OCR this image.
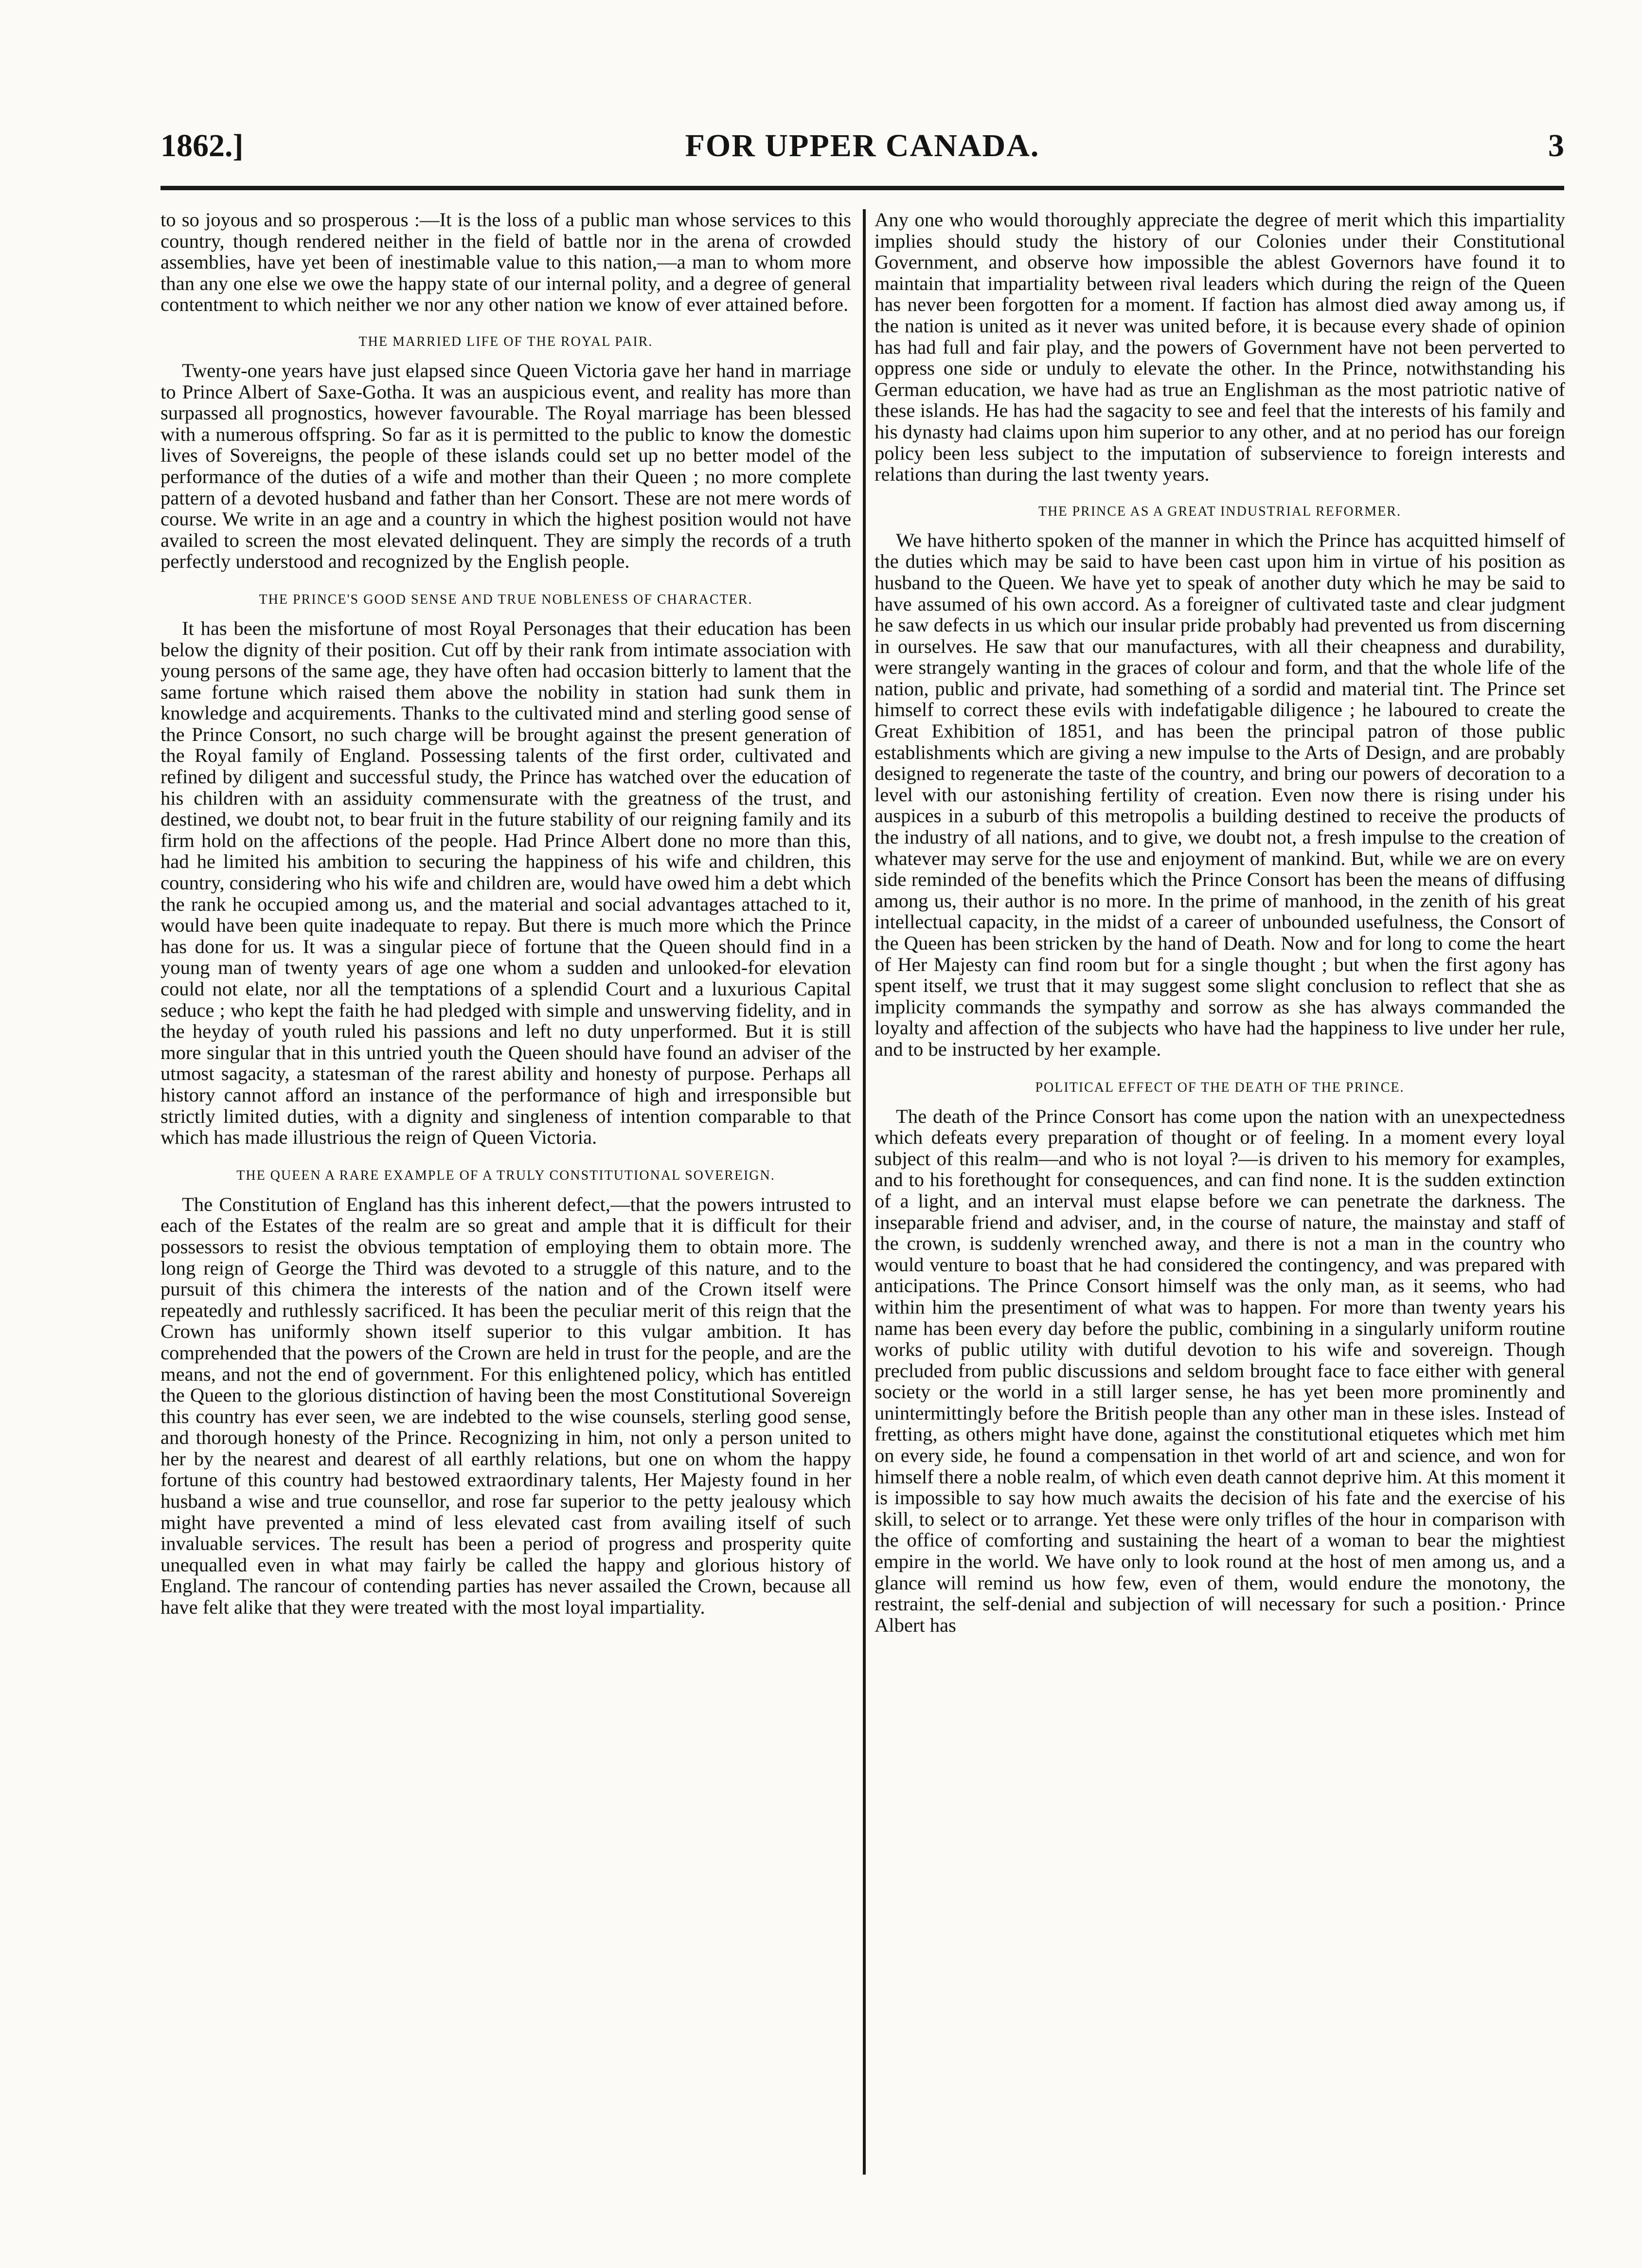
1862.]	FOR UPPER CANADA.	3

to so joyous and so prosperous :—It is the loss of a public man whose services to this country, though rendered neither in the field of battle nor in the arena of crowded assemblies, have yet been of inestimable value to this nation,—a man to whom more than any one else we owe the happy state of our internal polity, and a degree of general contentment to which neither we nor any other nation we know of ever attained before.

THE MARRIED LIFE OF THE ROYAL PAIR.

Twenty-one years have just elapsed since Queen Victoria gave her hand in marriage to Prince Albert of Saxe-Gotha. It was an auspicious event, and reality has more than surpassed all prognostics, however favourable. The Royal marriage has been blessed with a numerous offspring. So far as it is permitted to the public to know the domestic lives of Sovereigns, the people of these islands could set up no better model of the performance of the duties of a wife and mother than their Queen ; no more complete pattern of a devoted husband and father than her Consort. These are not mere words of course. We write in an age and a country in which the highest position would not have availed to screen the most elevated delinquent. They are simply the records of a truth perfectly understood and recognized by the English people.

THE PRINCE'S GOOD SENSE AND TRUE NOBLENESS OF CHARACTER.

It has been the misfortune of most Royal Personages that their education has been below the dignity of their position. Cut off by their rank from intimate association with young persons of the same age, they have often had occasion bitterly to lament that the same fortune which raised them above the nobility in station had sunk them in knowledge and acquirements. Thanks to the cultivated mind and sterling good sense of the Prince Consort, no such charge will be brought against the present generation of the Royal family of England. Possessing talents of the first order, cultivated and refined by diligent and successful study, the Prince has watched over the education of his children with an assiduity commensurate with the greatness of the trust, and destined, we doubt not, to bear fruit in the future stability of our reigning family and its firm hold on the affections of the people. Had Prince Albert done no more than this, had he limited his ambition to securing the happiness of his wife and children, this country, considering who his wife and children are, would have owed him a debt which the rank he occupied among us, and the material and social advantages attached to it, would have been quite inadequate to repay. But there is much more which the Prince has done for us. It was a singular piece of fortune that the Queen should find in a young man of twenty years of age one whom a sudden and unlooked-for elevation could not elate, nor all the temptations of a splendid Court and a luxurious Capital seduce ; who kept the faith he had pledged with simple and unswerving fidelity, and in the heyday of youth ruled his passions and left no duty unperformed. But it is still more singular that in this untried youth the Queen should have found an adviser of the utmost sagacity, a statesman of the rarest ability and honesty of purpose. Perhaps all history cannot afford an instance of the performance of high and irresponsible but strictly limited duties, with a dignity and singleness of intention comparable to that which has made illustrious the reign of Queen Victoria.

THE QUEEN A RARE EXAMPLE OF A TRULY CONSTITUTIONAL SOVEREIGN.

The Constitution of England has this inherent defect,—that the powers intrusted to each of the Estates of the realm are so great and ample that it is difficult for their possessors to resist the obvious temptation of employing them to obtain more. The long reign of George the Third was devoted to a struggle of this nature, and to the pursuit of this chimera the interests of the nation and of the Crown itself were repeatedly and ruthlessly sacrificed. It has been the peculiar merit of this reign that the Crown has uniformly shown itself superior to this vulgar ambition. It has comprehended that the powers of the Crown are held in trust for the people, and are the means, and not the end of government. For this enlightened policy, which has entitled the Queen to the glorious distinction of having been the most Constitutional Sovereign this country has ever seen, we are indebted to the wise counsels, sterling good sense, and thorough honesty of the Prince. Recognizing in him, not only a person united to her by the nearest and dearest of all earthly relations, but one on whom the happy fortune of this country had bestowed extraordinary talents, Her Majesty found in her husband a wise and true counsellor, and rose far superior to the petty jealousy which might have prevented a mind of less elevated cast from availing itself of such invaluable services. The result has been a period of progress and prosperity quite unequalled even in what may fairly be called the happy and glorious history of England. The rancour of contending parties has never assailed the Crown, because all have felt alike that they were treated with the most loyal impartiality.

Any one who would thoroughly appreciate the degree of merit which this impartiality implies should study the history of our Colonies under their Constitutional Government, and observe how impossible the ablest Governors have found it to maintain that impartiality between rival leaders which during the reign of the Queen has never been forgotten for a moment. If faction has almost died away among us, if the nation is united as it never was united before, it is because every shade of opinion has had full and fair play, and the powers of Government have not been perverted to oppress one side or unduly to elevate the other. In the Prince, notwithstanding his German education, we have had as true an Englishman as the most patriotic native of these islands. He has had the sagacity to see and feel that the interests of his family and his dynasty had claims upon him superior to any other, and at no period has our foreign policy been less subject to the imputation of subservience to foreign interests and relations than during the last twenty years.

THE PRINCE AS A GREAT INDUSTRIAL REFORMER.

We have hitherto spoken of the manner in which the Prince has acquitted himself of the duties which may be said to have been cast upon him in virtue of his position as husband to the Queen. We have yet to speak of another duty which he may be said to have assumed of his own accord. As a foreigner of cultivated taste and clear judgment he saw defects in us which our insular pride probably had prevented us from discerning in ourselves. He saw that our manufactures, with all their cheapness and durability, were strangely wanting in the graces of colour and form, and that the whole life of the nation, public and private, had something of a sordid and material tint. The Prince set himself to correct these evils with indefatigable diligence ; he laboured to create the Great Exhibition of 1851, and has been the principal patron of those public establishments which are giving a new impulse to the Arts of Design, and are probably designed to regenerate the taste of the country, and bring our powers of decoration to a level with our astonishing fertility of creation. Even now there is rising under his auspices in a suburb of this metropolis a building destined to receive the products of the industry of all nations, and to give, we doubt not, a fresh impulse to the creation of whatever may serve for the use and enjoyment of mankind. But, while we are on every side reminded of the benefits which the Prince Consort has been the means of diffusing among us, their author is no more. In the prime of manhood, in the zenith of his great intellectual capacity, in the midst of a career of unbounded usefulness, the Consort of the Queen has been stricken by the hand of Death. Now and for long to come the heart of Her Majesty can find room but for a single thought ; but when the first agony has spent itself, we trust that it may suggest some slight conclusion to reflect that she as implicity commands the sympathy and sorrow as she has always commanded the loyalty and affection of the subjects who have had the happiness to live under her rule, and to be instructed by her example.

POLITICAL EFFECT OF THE DEATH OF THE PRINCE.

The death of the Prince Consort has come upon the nation with an unexpectedness which defeats every preparation of thought or of feeling. In a moment every loyal subject of this realm—and who is not loyal ?—is driven to his memory for examples, and to his forethought for consequences, and can find none. It is the sudden extinction of a light, and an interval must elapse before we can penetrate the darkness. The inseparable friend and adviser, and, in the course of nature, the mainstay and staff of the crown, is suddenly wrenched away, and there is not a man in the country who would venture to boast that he had considered the contingency, and was prepared with anticipations. The Prince Consort himself was the only man, as it seems, who had within him the presentiment of what was to happen. For more than twenty years his name has been every day before the public, combining in a singularly uniform routine works of public utility with dutiful devotion to his wife and sovereign. Though precluded from public discussions and seldom brought face to face either with general society or the world in a still larger sense, he has yet been more prominently and unintermittingly before the British people than any other man in these isles. Instead of fretting, as others might have done, against the constitutional etiquetes which met him on every side, he found a compensation in thet world of art and science, and won for himself there a noble realm, of which even death cannot deprive him. At this moment it is impossible to say how much awaits the decision of his fate and the exercise of his skill, to select or to arrange. Yet these were only trifles of the hour in comparison with the office of comforting and sustaining the heart of a woman to bear the mightiest empire in the world. We have only to look round at the host of men among us, and a glance will remind us how few, even of them, would endure the monotony, the restraint, the self-denial and subjection of will necessary for such a position.· Prince Albert has
